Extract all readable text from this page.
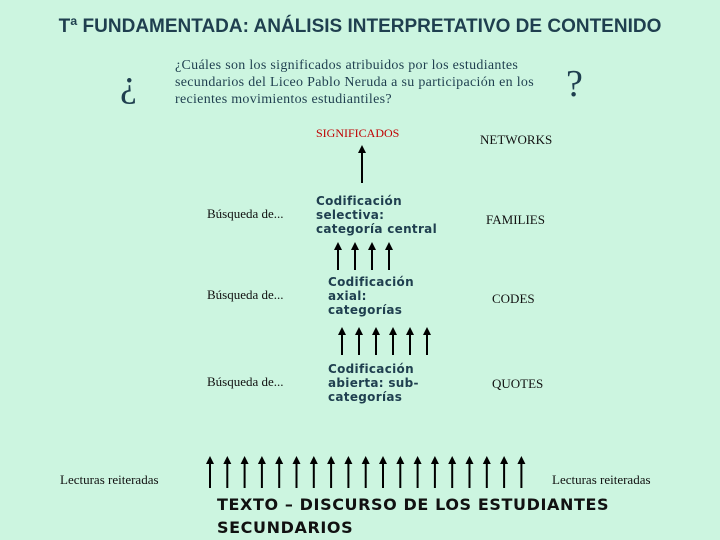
Tª FUNDAMENTADA: ANÁLISIS INTERPRETATIVO DE CONTENIDO
¿	¿Cuáles son los significados atribuidos por los estudiantes secundarios del Liceo Pablo Neruda a su participación en los recientes movimientos estudiantiles?	?
SIGNIFICADOS	NETWORKS
Búsqueda de...
Codificación selectiva: categoría central
FAMILIES
Búsqueda de...
Codificación axial: categorías
CODES
Búsqueda de...
Codificación abierta: sub-categorías
QUOTES
Lecturas reiteradas	Lecturas reiteradas
TEXTO – DISCURSO DE LOS ESTUDIANTES SECUNDARIOS
